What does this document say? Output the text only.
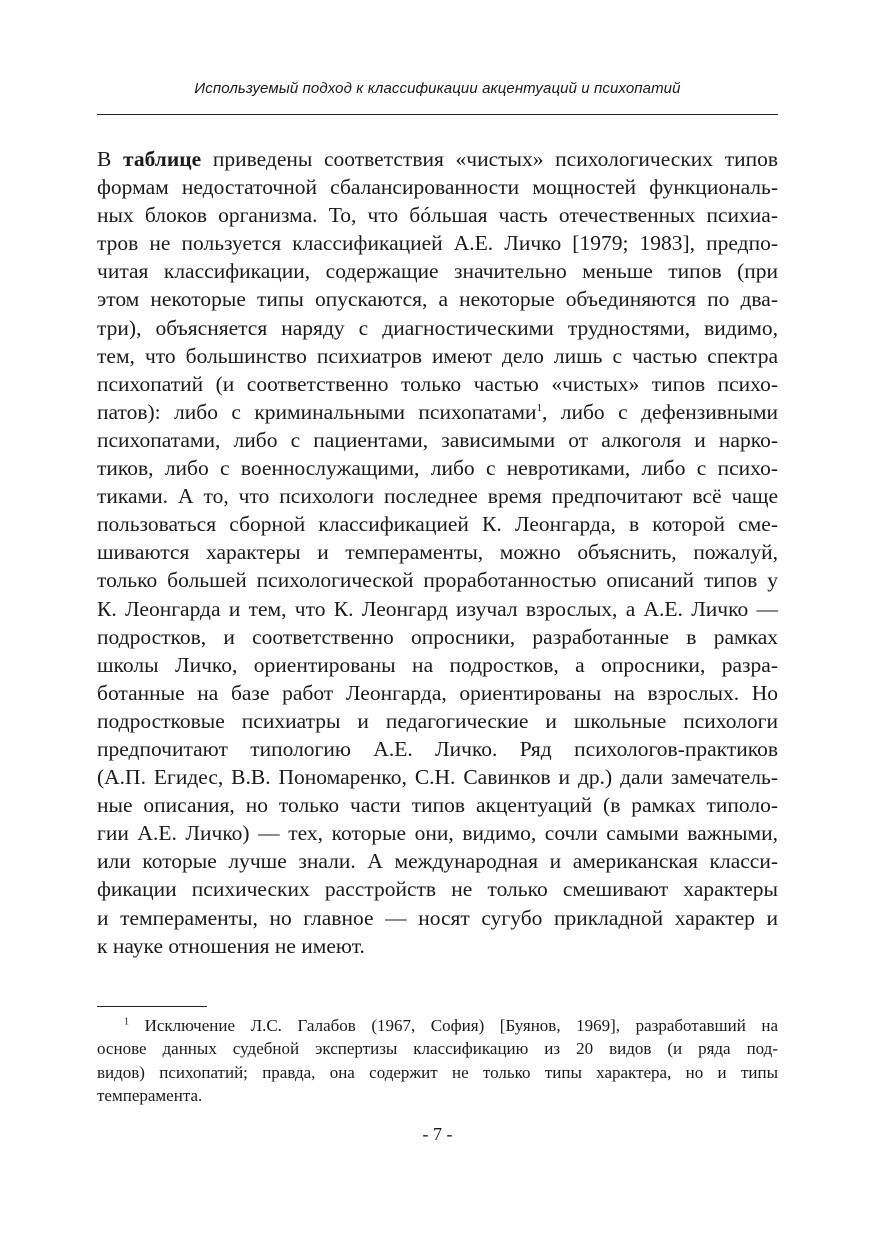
Используемый подход к классификации акцентуаций и психопатий
В таблице приведены соответствия «чистых» психологических типов
формам недостаточной сбалансированности мощностей функциональ-
ных блоков организма. То, что бóльшая часть отечественных психиа-
тров не пользуется классификацией А.Е. Личко [1979; 1983], предпо-
читая классификации, содержащие значительно меньше типов (при
этом некоторые типы опускаются, а некоторые объединяются по два-
три), объясняется наряду с диагностическими трудностями, видимо,
тем, что большинство психиатров имеют дело лишь с частью спектра
психопатий (и соответственно только частью «чистых» типов психо-
патов): либо с криминальными психопатами$^1$, либо с дефензивными
психопатами, либо с пациентами, зависимыми от алкоголя и нарко-
тиков, либо с военнослужащими, либо с невротиками, либо с психо-
тиками. А то, что психологи последнее время предпочитают всё чаще
пользоваться сборной классификацией К. Леонгарда, в которой сме-
шиваются характеры и темпераменты, можно объяснить, пожалуй,
только большей психологической проработанностью описаний типов у
К. Леонгарда и тем, что К. Леонгард изучал взрослых, а А.Е. Личко —
подростков, и соответственно опросники, разработанные в рамках
школы Личко, ориентированы на подростков, а опросники, разра-
ботанные на базе работ Леонгарда, ориентированы на взрослых. Но
подростковые психиатры и педагогические и школьные психологи
предпочитают типологию А.Е. Личко. Ряд психологов-практиков
(А.П. Егидес, В.В. Пономаренко, С.Н. Савинков и др.) дали замечатель-
ные описания, но только части типов акцентуаций (в рамках типоло-
гии А.Е. Личко) — тех, которые они, видимо, сочли самыми важными,
или которые лучше знали. А международная и американская класси-
фикации психических расстройств не только смешивают характеры
и темпераменты, но главное — носят сугубо прикладной характер и
к науке отношения не имеют.
$^1$ Исключение Л.С. Галабов (1967, София) [Буянов, 1969], разработавший на
основе данных судебной экспертизы классификацию из 20 видов (и ряда под-
видов) психопатий; правда, она содержит не только типы характера, но и типы
темперамента.
- 7 -
